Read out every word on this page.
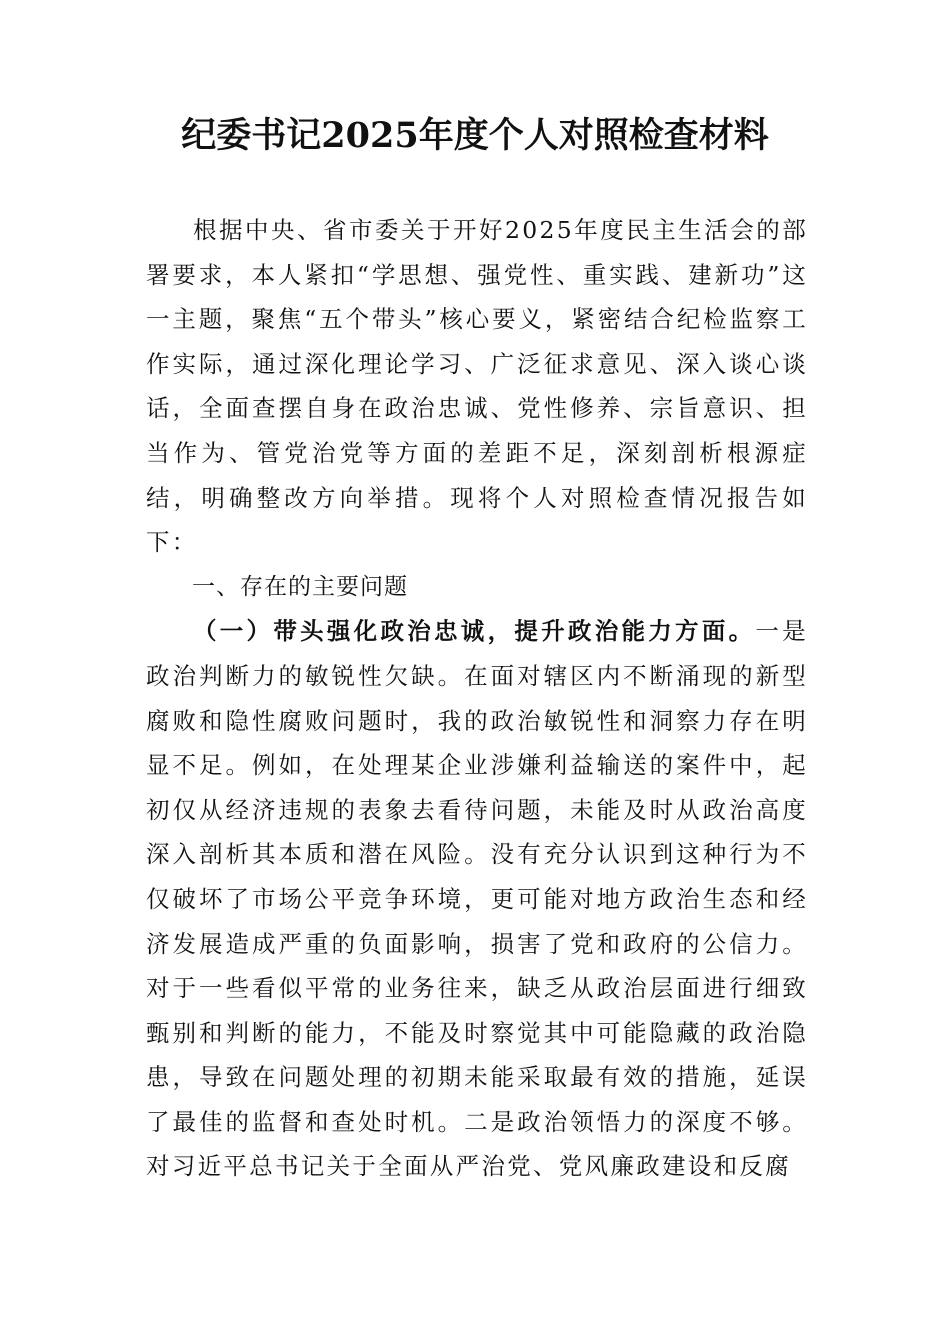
纪委书记2025年度个人对照检查材料

根据中央、省市委关于开好2025年度民主生活会的部署要求，本人紧扣“学思想、强党性、重实践、建新功”这一主题，聚焦“五个带头”核心要义，紧密结合纪检监察工作实际，通过深化理论学习、广泛征求意见、深入谈心谈话，全面查摆自身在政治忠诚、党性修养、宗旨意识、担当作为、管党治党等方面的差距不足，深刻剖析根源症结，明确整改方向举措。现将个人对照检查情况报告如下：

一、存在的主要问题

（一）带头强化政治忠诚，提升政治能力方面。一是政治判断力的敏锐性欠缺。在面对辖区内不断涌现的新型腐败和隐性腐败问题时，我的政治敏锐性和洞察力存在明显不足。例如，在处理某企业涉嫌利益输送的案件中，起初仅从经济违规的表象去看待问题，未能及时从政治高度深入剖析其本质和潜在风险。没有充分认识到这种行为不仅破坏了市场公平竞争环境，更可能对地方政治生态和经济发展造成严重的负面影响，损害了党和政府的公信力。对于一些看似平常的业务往来，缺乏从政治层面进行细致甄别和判断的能力，不能及时察觉其中可能隐藏的政治隐患，导致在问题处理的初期未能采取最有效的措施，延误了最佳的监督和查处时机。二是政治领悟力的深度不够。对习近平总书记关于全面从严治党、党风廉政建设和反腐
